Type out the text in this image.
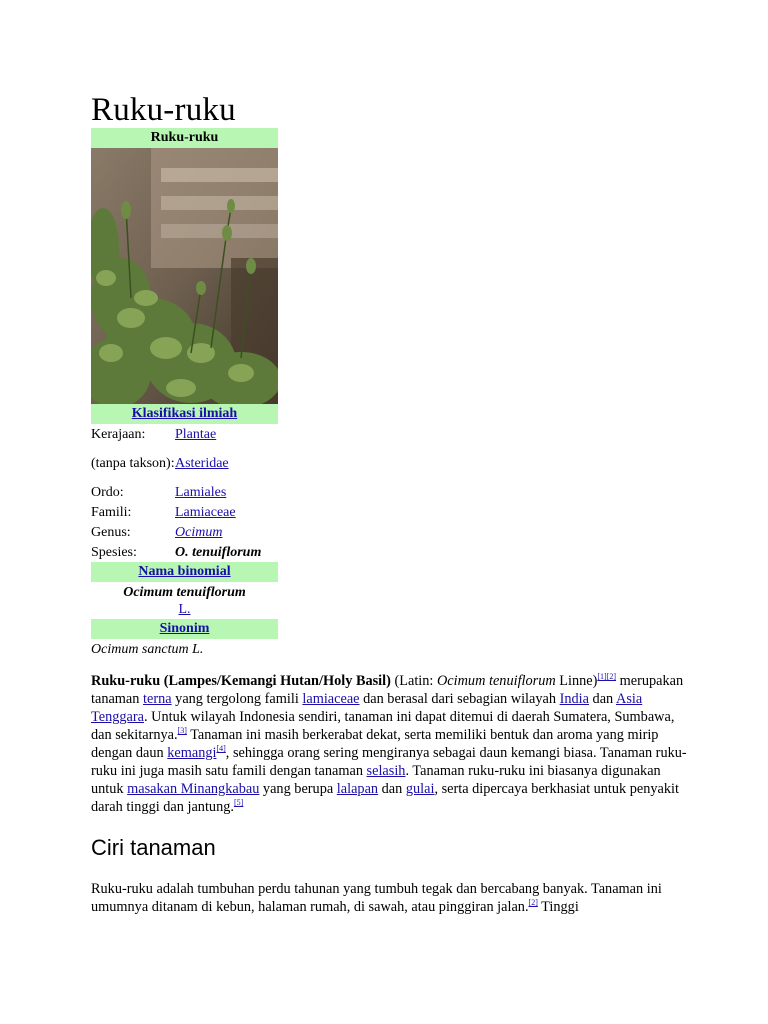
Ruku-ruku
Ruku-ruku
Klasifikasi ilmiah
Kerajaan:	Plantae
(tanpa takson): Asteridae
Ordo:	Lamiales
Famili:	Lamiaceae
Genus:	Ocimum
Spesies:	O. tenuiflorum
Nama binomial
Ocimum tenuiflorum
L.
Sinonim
Ocimum sanctum L.

Ruku-ruku (Lampes/Kemangi Hutan/Holy Basil) (Latin: Ocimum tenuiflorum Linne)[1][2] merupakan tanaman terna yang tergolong famili lamiaceae dan berasal dari sebagian wilayah India dan Asia Tenggara. Untuk wilayah Indonesia sendiri, tanaman ini dapat ditemui di daerah Sumatera, Sumbawa, dan sekitarnya.[3] Tanaman ini masih berkerabat dekat, serta memiliki bentuk dan aroma yang mirip dengan daun kemangi[4], sehingga orang sering mengiranya sebagai daun kemangi biasa. Tanaman ruku-ruku ini juga masih satu famili dengan tanaman selasih. Tanaman ruku-ruku ini biasanya digunakan untuk masakan Minangkabau yang berupa lalapan dan gulai, serta dipercaya berkhasiat untuk penyakit darah tinggi dan jantung.[5]

Ciri tanaman

Ruku-ruku adalah tumbuhan perdu tahunan yang tumbuh tegak dan bercabang banyak. Tanaman ini umumnya ditanam di kebun, halaman rumah, di sawah, atau pinggiran jalan.[2] Tinggi
